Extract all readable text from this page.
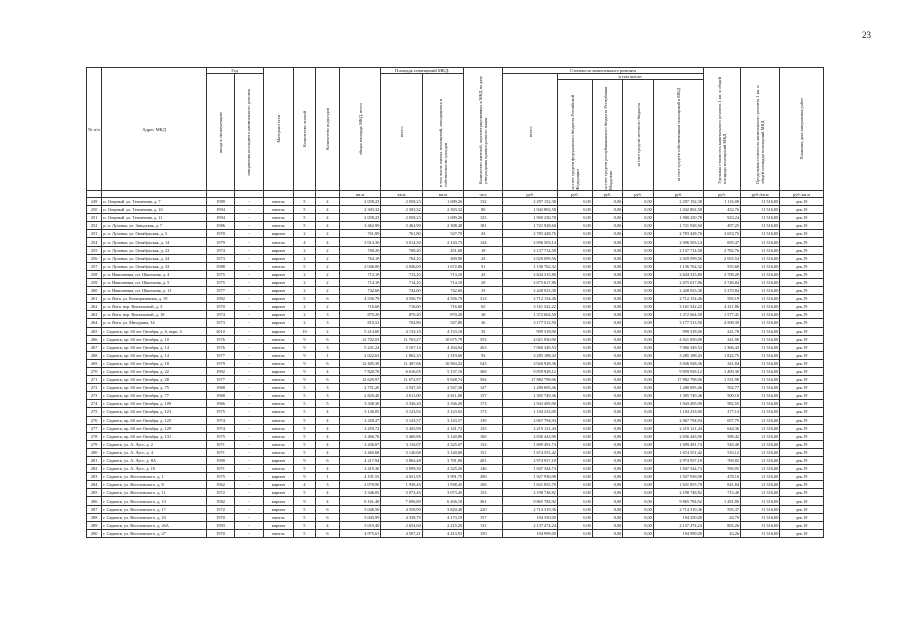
23
№ п/п	Адрес МКД	Год		Материал стен	Количество этажей	Количество подъездов	общая площадь МКД, всего	Площадь помещений МКД:		Количество жителей, зарегистрированных в МКД на дату утверждения краткосрочного плана	Стоимость капитального ремонта					Удельная стоимость капитального ремонта 1 кв. м общей площади помещений МКД	Предельная стоимость капитального ремонта 1 кв. м общей площади помещений МКД	Плановая дата завершения работ

		ввода в эксплуатацию	завершения последнего капитального ремонта					всего:	в том числе жилых помещений, находящихся в собственности граждан		всего:	в том числе:						

												за счет средств федерального бюджета Российской Федерации	за счет средств республиканского бюджета Республики Мордовия	за счет средств местного бюджета	за счет средств собственников помещений в МКД			

							кв.м	кв.м	кв.м	чел.	руб.	руб.	руб.	руб.	руб.	руб.	руб./кв.м	руб./кв.м
249	п. Озерный, ул. Теплячина, д. 7	1989	-	панель	5	4	2 058,23	2 058,23	1 689,26	132	2 297 152,38	0,00	0,00	0,00	2 297 152,38	1 116,08	11 316,00	дек.19
250	п. Озерный, ул. Теплячина, д. 10	1994	-	панель	5	4	2 303,32	2 303,32	2 303,32	80	1 042 802,58	0,00	0,00	0,00	1 042 802,58	452,76	11 316,00	дек.19
251	п. Озерный, ул. Теплячина, д. 11	1994	-	панель	5	4	2 058,23	2 058,23	1 689,26	123	1 900 230,78	0,00	0,00	0,00	1 900 230,78	923,24	11 316,00	дек.19
252	р. п. Луховка, ул. Заводская, д. 7	1986	-	панель	5	4	3 462,90	3 462,90	2 308,48	181	1 721 928,60	0,00	0,00	0,00	1 721 928,60	497,25	11 316,00	дек.19
253	р. п. Луховка, ул. Октябрьская, д. 5	1970	-	кирпич	2	2	761,80	761,80	527,70	43	2 783 428,76	0,00	0,00	0,00	2 783 428,76	3 653,75	11 316,00	дек.19
254	р. п. Луховка, ул. Октябрьская, д. 14	1979	-	панель	4	4	3 014,30	3 014,30	2 143,73	144	2 096 503,14	0,00	0,00	0,00	2 096 503,14	695,47	11 316,00	дек.19
255	р. п. Луховка, ул. Октябрьская, д. 23	1974	-	кирпич	2	2	768,20	768,20	451,60	18	2 137 714,58	0,00	0,00	0,00	2 137 714,58	2 782,76	11 316,00	дек.19
256	р. п. Луховка, ул. Октябрьская, д. 24	1973	-	кирпич	2	2	764,10	764,10	400,90	25	2 029 099,56	0,00	0,00	0,00	2 029 099,56	2 655,54	11 316,00	дек.19
257	р. п. Луховка, ул. Октябрьская, д. 33	1988	-	панель	5	2	2 046,00	2 046,00	1 672,86	91	1 136 762,32	0,00	0,00	0,00	1 136 762,32	555,60	11 316,00	дек.19
258	р. п. Николаевка, пл. Школьная, д. 4	1975	-	кирпич	2	2	713,10	713,10	713,10	43	2 644 315,80	0,00	0,00	0,00	2 644 315,80	3 708,20	11 316,00	дек.19
259	р. п. Николаевка, пл. Школьная, д. 5	1975	-	кирпич	2	2	714,10	714,10	714,10	29	2 675 617,86	0,00	0,00	0,00	2 675 617,86	3 746,84	11 316,00	дек.19
260	р. п. Николаевка, пл. Школьная, д. 13	1977	-	кирпич	2	2	742,60	742,60	742,60	33	2 428 923,38	0,00	0,00	0,00	2 428 923,38	3 270,84	11 316,00	дек.19
261	р. п. Ялга, ул. Кооперативная, д. 19	1992	-	кирпич	5	6	4 556,79	4 556,79	4 556,79	313	2 712 154,46	0,00	0,00	0,00	2 712 154,46	595,19	11 316,00	дек.19
262	р. п. Ялга, пер. Вокзальный, д. 3	1970	-	кирпич	2	2	716,60	716,60	716,60	65	3 161 542,22	0,00	0,00	0,00	3 161 542,22	4 411,86	11 316,00	дек.19
263	р. п. Ялга, пер. Вокзальный, д. 18	1974	-	кирпич	2	3	870,20	870,20	870,20	38	1 372 664,50	0,00	0,00	0,00	1 372 664,50	1 577,41	11 316,00	дек.19
264	р. п. Ялга, ул. Мичурина, 34	1973	-	кирпич	2	3	810,52	704,80	547,80	36	3 177 513,50	0,00	0,00	0,00	3 177 513,50	4 508,39	11 316,00	дек.19
265	г. Саранск, пр. 60 лет Октября, д. 6, корп. 3	2010	-	кирпич	10	2	5 214,60	4 133,10	4 133,10	35	999 318,00	0,00	0,00	0,00	999 318,00	241,78	11 316,00	дек.19
266	г. Саранск, пр. 60 лет Октября, д. 10	1976	-	панель	9	6	12 702,03	11 763,27	10 675,79	553	4 021 830,00	0,00	0,00	0,00	4 021 830,00	341,90	11 316,00	дек.19
267	г. Саранск, пр. 60 лет Октября, д. 14	1976	-	панель	9	3	5 231,24	5 167,14	4 104,04	263	7 060 349,53	0,00	0,00	0,00	7 060 349,53	1 366,43	11 316,00	дек.19
268	г. Саранск, пр. 60 лет Октября, д. 14	1977	-	панель	9	1	2 022,63	1 802,33	1 319,60	93	3 285 188,43	0,00	0,00	0,00	3 285 188,43	1 822,75	11 316,00	дек.19
269	г. Саранск, пр. 60 лет Октября, д. 18	1979	-	панель	9	6	12 405,39	11 487,66	10 963,22	543	3 926 928,36	0,00	0,00	0,00	3 926 928,36	341,84	11 316,00	дек.19
270	г. Саранск, пр. 60 лет Октября, д. 22	1992	-	кирпич	9	4	7 820,70	6 616,05	5 137,10	369	9 859 928,12	0,00	0,00	0,00	9 859 928,12	1 490,30	11 316,00	дек.19
271	г. Саранск, пр. 60 лет Октября, д. 28	1977	-	панель	9	6	12 629,97	11 672,97	9 928,74	594	17 882 798,06	0,00	0,00	0,00	17 882 798,06	1 531,98	11 316,00	дек.19
272	г. Саранск, пр. 60 лет Октября, д. 75	1968	-	панель	5	3	2 751,20	2 547,30	2 547,30	147	1 280 695,46	0,00	0,00	0,00	1 280 695,46	502,77	11 316,00	дек.19
273	г. Саранск, пр. 60 лет Октября, д. 77	1968	-	панель	5	3	2 820,40	2 611,00	2 611,00	137	1 305 749,46	0,00	0,00	0,00	1 305 749,46	500,10	11 316,00	дек.19
274	г. Саранск, пр. 60 лет Октября, д. 109	1966	-	панель	5	5	3 338,30	3 336,20	3 336,20	173	1 943 495,00	0,00	0,00	0,00	1 943 495,00	582,55	11 316,00	дек.19
275	г. Саранск, пр. 60 лет Октября, д. 123	1975	-	панель	5	4	3 140,05	3 123,92	3 123,92	173	1 184 233,00	0,00	0,00	0,00	1 184 233,00	377,14	11 316,00	дек.19
276	г. Саранск, пр. 60 лет Октября, д. 125	1974	-	панель	5	4	3 458,27	3 143,57	3 143,57	139	2 067 794,94	0,00	0,00	0,00	2 067 794,94	657,79	11 316,00	дек.19
277	г. Саранск, пр. 60 лет Октября, д. 129	1974	-	панель	5	4	3 459,72	3 443,90	2 141,72	135	2 219 121,44	0,00	0,00	0,00	2 219 121,44	644,36	11 316,00	дек.19
278	г. Саранск, пр. 60 лет Октября, д. 131	1975	-	панель	5	4	3 466,76	3 460,86	3 140,86	160	2 036 443,90	0,00	0,00	0,00	2 036 443,90	588,42	11 316,00	дек.19
279	г. Саранск, ул. А. Лусс, д. 2	1971	-	панель	5	4	3 436,07	3 116,07	2 325,07	133	1 699 491,74	0,00	0,00	0,00	1 699 491,74	545,40	11 316,00	дек.19
280	г. Саранск, ул. А. Лусс, д. 4	1971	-	панель	5	4	3 460,68	3 140,68	3 140,68	151	1 674 551,42	0,00	0,00	0,00	1 674 551,42	533,12	11 316,00	дек.19
281	г. Саранск, ул. А. Лусс, д. 8А	1990	-	кирпич	9	6	4 217,94	3 864,48	3 781,80	201	2 974 937,18	0,00	0,00	0,00	2 974 937,18	769,82	11 316,00	дек.19
282	г. Саранск, ул. А. Лусс, д. 10	1971	-	панель	5	4	3 419,30	3 099,30	2 325,20	146	1 847 344,74	0,00	0,00	0,00	1 847 344,74	596,05	11 316,00	дек.19
283	г. Саранск, ул. Веселовского, д. 1	1975	-	кирпич	9	1	4 191,55	4 031,95	3 991,75	290	1 927 936,98	0,00	0,00	0,00	1 927 936,98	478,16	11 316,00	дек.19
284	г. Саранск, ул. Веселовского, д. 8	1962	-	кирпич	4	3	2 078,90	1 938,45	1 938,45	106	1 631 855,70	0,00	0,00	0,00	1 631 855,70	841,84	11 316,00	дек.19
285	г. Саранск, ул. Веселовского, д. 11	1972	-	кирпич	5	4	3 346,05	3 073,45	3 073,45	153	2 198 748,82	0,00	0,00	0,00	2 198 748,82	715,40	11 316,00	дек.19
286	г. Саранск, ул. Веселовского, д. 13	1982	-	кирпич	9	4	8 161,40	7 696,80	6 456,10	361	9 865 784,92	0,00	0,00	0,00	9 865 784,92	1 281,80	11 316,00	дек.19
287	г. Саранск, ул. Веселовского, д. 17	1972	-	кирпич	5	6	5 048,50	4 558,90	3 820,40	220	2 714 319,36	0,00	0,00	0,00	2 714 319,36	595,37	11 316,00	дек.19
288	г. Саранск, ул. Веселовского, д. 23	1970	-	панель	5	6	5 043,99	4 338,79	4 173,19	157	194 350,00	0,00	0,00	0,00	194 350,00	44,79	11 316,00	дек.19
289	г. Саранск, ул. Веселовского, д. 26А	1993	-	кирпич	5	4	3 019,40	2 654,60	2 215,20	131	2 137 474,24	0,00	0,00	0,00	2 137 474,24	805,20	11 316,00	дек.19
290	г. Саранск, ул. Веселовского, д. 27	1970	-	панель	5	6	4 975,61	4 507,21	4 413,91	150	194 999,00	0,00	0,00	0,00	194 999,00	43,26	11 316,00	дек.19
